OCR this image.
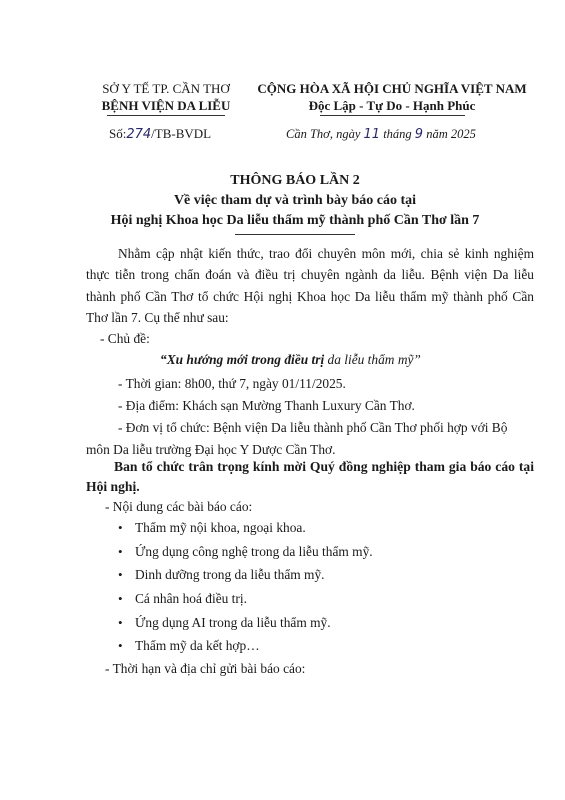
SỞ Y TẾ TP. CẦN THƠ
BỆNH VIỆN DA LIỄU
CỘNG HÒA XÃ HỘI CHỦ NGHĨA VIỆT NAM
Độc Lập - Tự Do - Hạnh Phúc
Số:274/TB-BVDL	Cần Thơ, ngày 11 tháng 9 năm 2025
THÔNG BÁO LẦN 2
Về việc tham dự và trình bày báo cáo tại
Hội nghị Khoa học Da liễu thẩm mỹ thành phố Cần Thơ lần 7
Nhằm cập nhật kiến thức, trao đổi chuyên môn mới, chia sẻ kinh nghiệm thực tiễn trong chẩn đoán và điều trị chuyên ngành da liễu. Bệnh viện Da liễu thành phố Cần Thơ tổ chức Hội nghị Khoa học Da liễu thẩm mỹ thành phố Cần Thơ lần 7. Cụ thể như sau:
- Chủ đề:
“Xu hướng mới trong điều trị da liễu thẩm mỹ”
- Thời gian: 8h00, thứ 7, ngày 01/11/2025.
- Địa điểm: Khách sạn Mường Thanh Luxury Cần Thơ.
- Đơn vị tổ chức: Bệnh viện Da liễu thành phố Cần Thơ phối hợp với Bộ
môn Da liễu trường Đại học Y Dược Cần Thơ.
Ban tổ chức trân trọng kính mời Quý đồng nghiệp tham gia báo cáo tại Hội nghị.
- Nội dung các bài báo cáo:
• Thẩm mỹ nội khoa, ngoại khoa.
• Ứng dụng công nghệ trong da liễu thẩm mỹ.
• Dinh dưỡng trong da liễu thẩm mỹ.
• Cá nhân hoá điều trị.
• Ứng dụng AI trong da liễu thẩm mỹ.
• Thẩm mỹ da kết hợp…
- Thời hạn và địa chỉ gửi bài báo cáo:
